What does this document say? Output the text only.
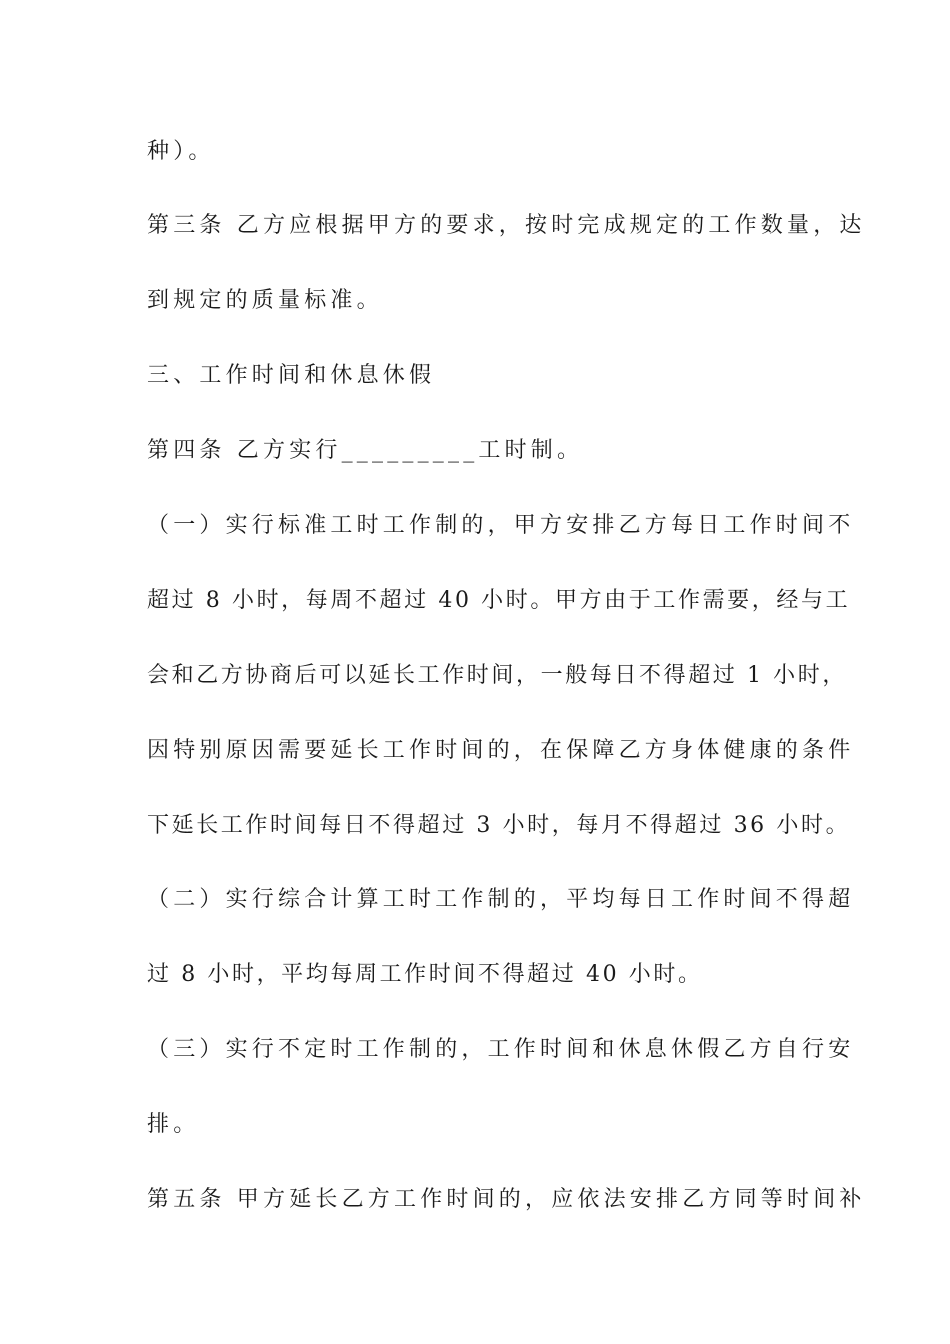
种）。
第三条 乙方应根据甲方的要求，按时完成规定的工作数量，达
到规定的质量标准。
三、工作时间和休息休假
第四条 乙方实行_________工时制。
（一）实行标准工时工作制的，甲方安排乙方每日工作时间不
超过 8 小时，每周不超过 40 小时。甲方由于工作需要，经与工
会和乙方协商后可以延长工作时间，一般每日不得超过 1 小时，
因特别原因需要延长工作时间的，在保障乙方身体健康的条件
下延长工作时间每日不得超过 3 小时，每月不得超过 36 小时。
（二）实行综合计算工时工作制的，平均每日工作时间不得超
过 8 小时，平均每周工作时间不得超过 40 小时。
（三）实行不定时工作制的，工作时间和休息休假乙方自行安
排。
第五条 甲方延长乙方工作时间的，应依法安排乙方同等时间补
